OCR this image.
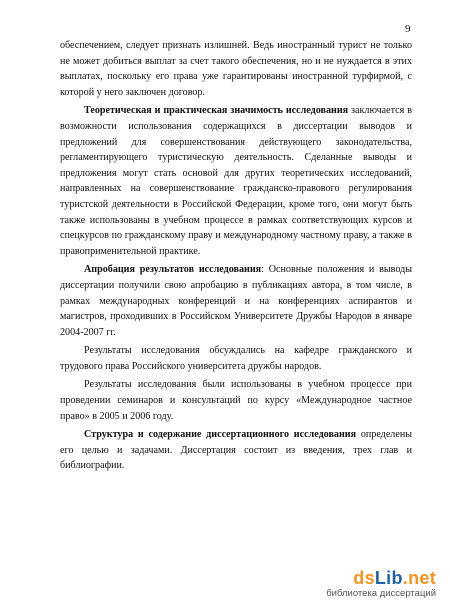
9

обеспечением, следует признать излишней. Ведь иностранный турист не только не может добиться выплат за счет такого обеспечения, но и не нуждается в этих выплатах, поскольку его права уже гарантированы иностранной турфирмой, с которой у него заключен договор.

Теоретическая и практическая значимость исследования заключается в возможности использования содержащихся в диссертации выводов и предложений для совершенствования действующего законодательства, регламентирующего туристическую деятельность. Сделанные выводы и предложения могут стать основой для других теоретических исследований, направленных на совершенствование гражданско-правового регулирования туристской деятельности в Российской Федерации, кроме того, они могут быть также использованы в учебном процессе в рамках соответствующих курсов и спецкурсов по гражданскому праву и международному частному праву, а также в правоприменительной практике.

Апробация результатов исследования: Основные положения и выводы диссертации получили свою апробацию в публикациях автора, в том числе, в рамках международных конференций и на конференциях аспирантов и магистров, проходивших в Российском Университете Дружбы Народов в январе 2004-2007 гг.

Результаты исследования обсуждались на кафедре гражданского и трудового права Российского университета дружбы народов.

Результаты исследования были использованы в учебном процессе при проведении семинаров и консультаций по курсу «Международное частное право» в 2005 и 2006 году.

Структура и содержание диссертационного исследования определены его целью и задачами. Диссертация состоит из введения, трех глав и библиографии.

dsLib.net
библиотека диссертаций
